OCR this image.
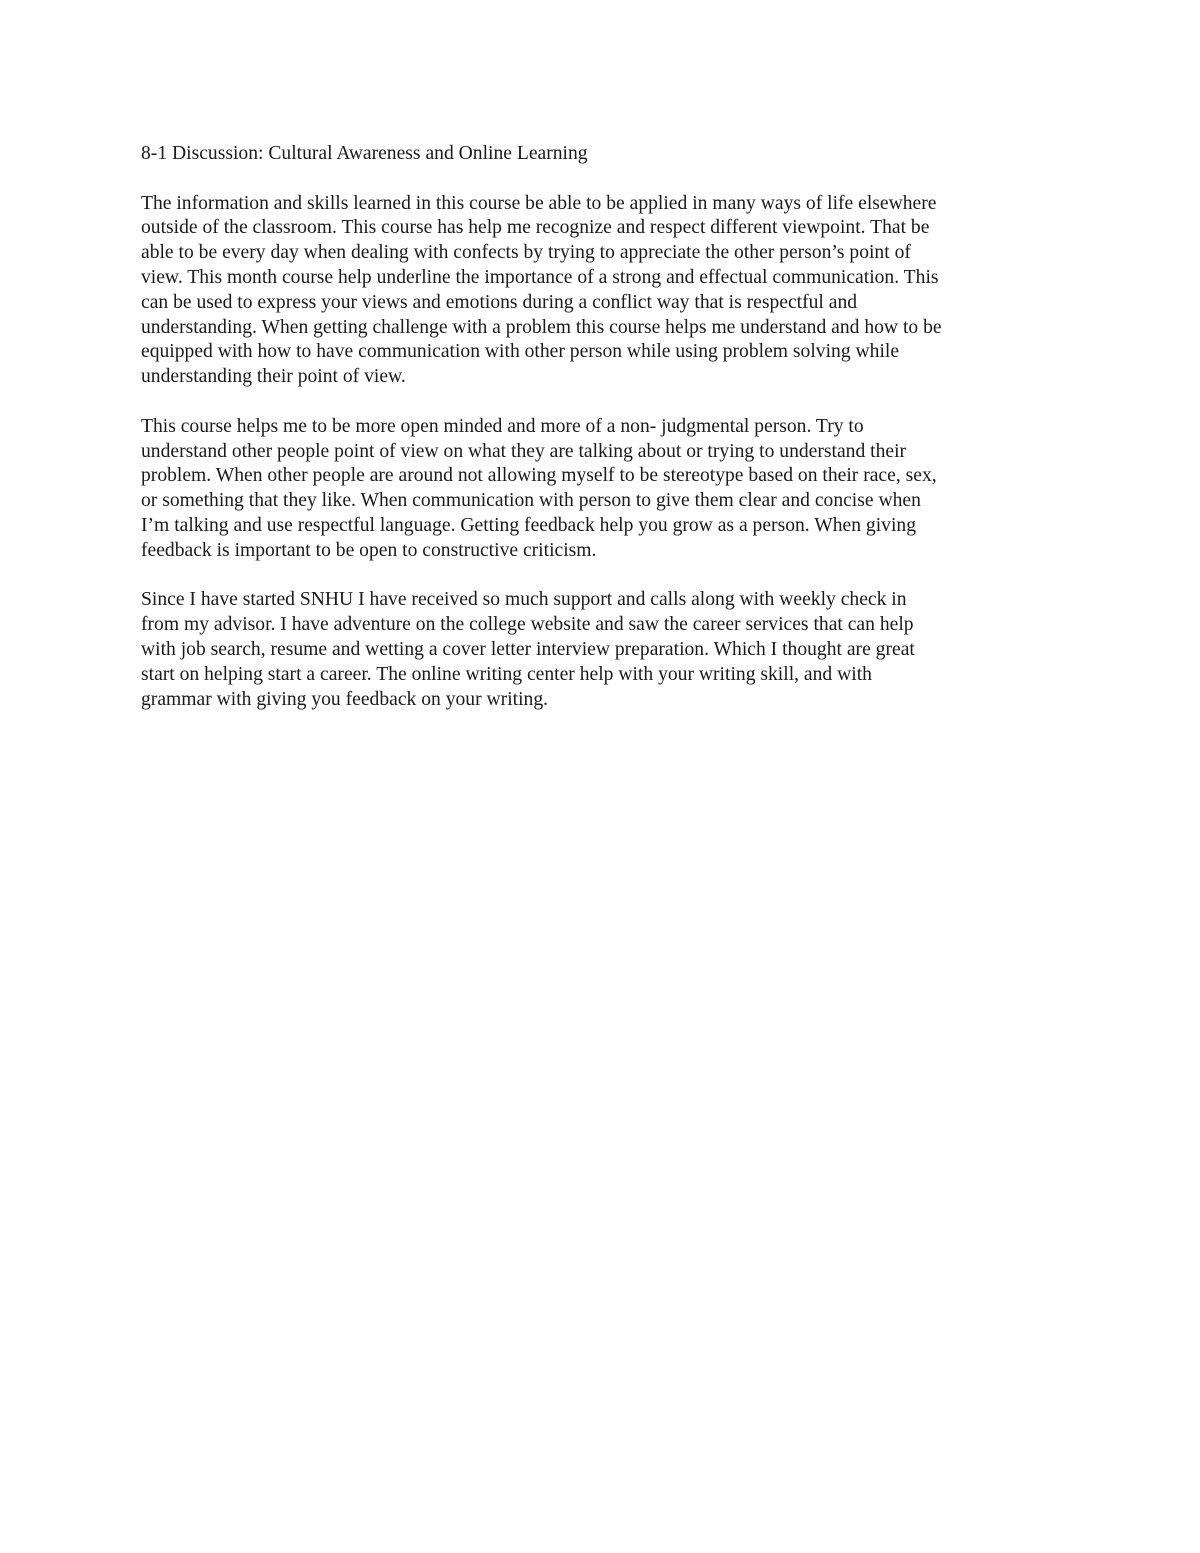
8-1 Discussion: Cultural Awareness and Online Learning
The information and skills learned in this course be able to be applied in many ways of life elsewhere
outside of the classroom. This course has help me recognize and respect different viewpoint. That be
able to be every day when dealing with confects by trying to appreciate the other person’s point of
view. This month course help underline the importance of a strong and effectual communication. This
can be used to express your views and emotions during a conflict way that is respectful and
understanding. When getting challenge with a problem this course helps me understand and how to be
equipped with how to have communication with other person while using problem solving while
understanding their point of view.
This course helps me to be more open minded and more of a non- judgmental person. Try to
understand other people point of view on what they are talking about or trying to understand their
problem. When other people are around not allowing myself to be stereotype based on their race, sex,
or something that they like. When communication with person to give them clear and concise when
I’m talking and use respectful language. Getting feedback help you grow as a person. When giving
feedback is important to be open to constructive criticism.
Since I have started SNHU I have received so much support and calls along with weekly check in
from my advisor. I have adventure on the college website and saw the career services that can help
with job search, resume and wetting a cover letter interview preparation. Which I thought are great
start on helping start a career. The online writing center help with your writing skill, and with
grammar with giving you feedback on your writing.
